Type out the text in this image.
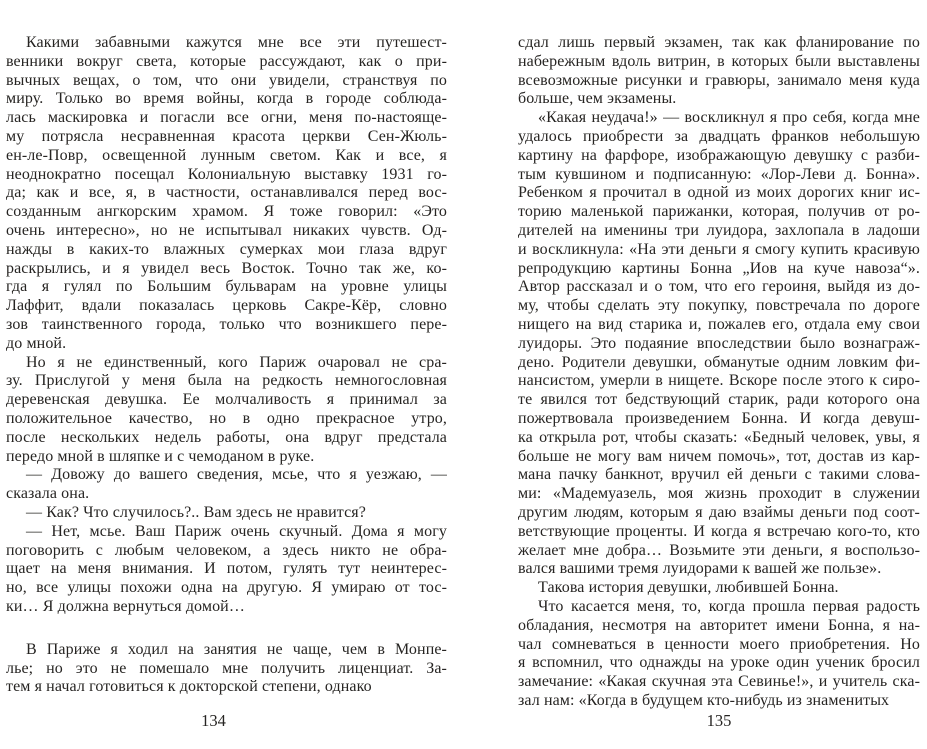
Какими забавными кажутся мне все эти путешест-
венники вокруг света, которые рассуждают, как о при-
вычных вещах, о том, что они увидели, странствуя по
миру. Только во время войны, когда в городе соблюда-
лась маскировка и погасли все огни, меня по-настояще-
му потрясла несравненная красота церкви Сен-Жюль-
ен-ле-Повр, освещенной лунным светом. Как и все, я
неоднократно посещал Колониальную выставку 1931 го-
да; как и все, я, в частности, останавливался перед вос-
созданным ангкорским храмом. Я тоже говорил: «Это
очень интересно», но не испытывал никаких чувств. Од-
нажды в каких-то влажных сумерках мои глаза вдруг
раскрылись, и я увидел весь Восток. Точно так же, ко-
гда я гулял по Большим бульварам на уровне улицы
Лаффит, вдали показалась церковь Сакре-Кёр, словно
зов таинственного города, только что возникшего пере-
до мной.
Но я не единственный, кого Париж очаровал не сра-
зу. Прислугой у меня была на редкость немногословная
деревенская девушка. Ее молчаливость я принимал за
положительное качество, но в одно прекрасное утро,
после нескольких недель работы, она вдруг предстала
передо мной в шляпке и с чемоданом в руке.
— Довожу до вашего сведения, мсье, что я уезжаю, —
сказала она.
— Как? Что случилось?.. Вам здесь не нравится?
— Нет, мсье. Ваш Париж очень скучный. Дома я могу
поговорить с любым человеком, а здесь никто не обра-
щает на меня внимания. И потом, гулять тут неинтерес-
но, все улицы похожи одна на другую. Я умираю от тос-
ки… Я должна вернуться домой…
В Париже я ходил на занятия не чаще, чем в Монпе-
лье; но это не помешало мне получить лиценциат. За-
тем я начал готовиться к докторской степени, однако
сдал лишь первый экзамен, так как фланирование по
набережным вдоль витрин, в которых были выставлены
всевозможные рисунки и гравюры, занимало меня куда
больше, чем экзамены.
«Какая неудача!» — воскликнул я про себя, когда мне
удалось приобрести за двадцать франков небольшую
картину на фарфоре, изображающую девушку с разби-
тым кувшином и подписанную: «Лор-Леви д. Бонна».
Ребенком я прочитал в одной из моих дорогих книг ис-
торию маленькой парижанки, которая, получив от ро-
дителей на именины три луидора, захлопала в ладоши
и воскликнула: «На эти деньги я смогу купить красивую
репродукцию картины Бонна „Иов на куче навоза“».
Автор рассказал и о том, что его героиня, выйдя из до-
му, чтобы сделать эту покупку, повстречала по дороге
нищего на вид старика и, пожалев его, отдала ему свои
луидоры. Это подаяние впоследствии было вознаграж-
дено. Родители девушки, обманутые одним ловким фи-
нансистом, умерли в нищете. Вскоре после этого к сиро-
те явился тот бедствующий старик, ради которого она
пожертвовала произведением Бонна. И когда девуш-
ка открыла рот, чтобы сказать: «Бедный человек, увы, я
больше не могу вам ничем помочь», тот, достав из кар-
мана пачку банкнот, вручил ей деньги с такими слова-
ми: «Мадемуазель, моя жизнь проходит в служении
другим людям, которым я даю взаймы деньги под соот-
ветствующие проценты. И когда я встречаю кого-то, кто
желает мне добра… Возьмите эти деньги, я воспользо-
вался вашими тремя луидорами к вашей же пользе».
Такова история девушки, любившей Бонна.
Что касается меня, то, когда прошла первая радость
обладания, несмотря на авторитет имени Бонна, я на-
чал сомневаться в ценности моего приобретения. Но
я вспомнил, что однажды на уроке один ученик бросил
замечание: «Какая скучная эта Севинье!», и учитель ска-
зал нам: «Когда в будущем кто-нибудь из знаменитых
134	135
